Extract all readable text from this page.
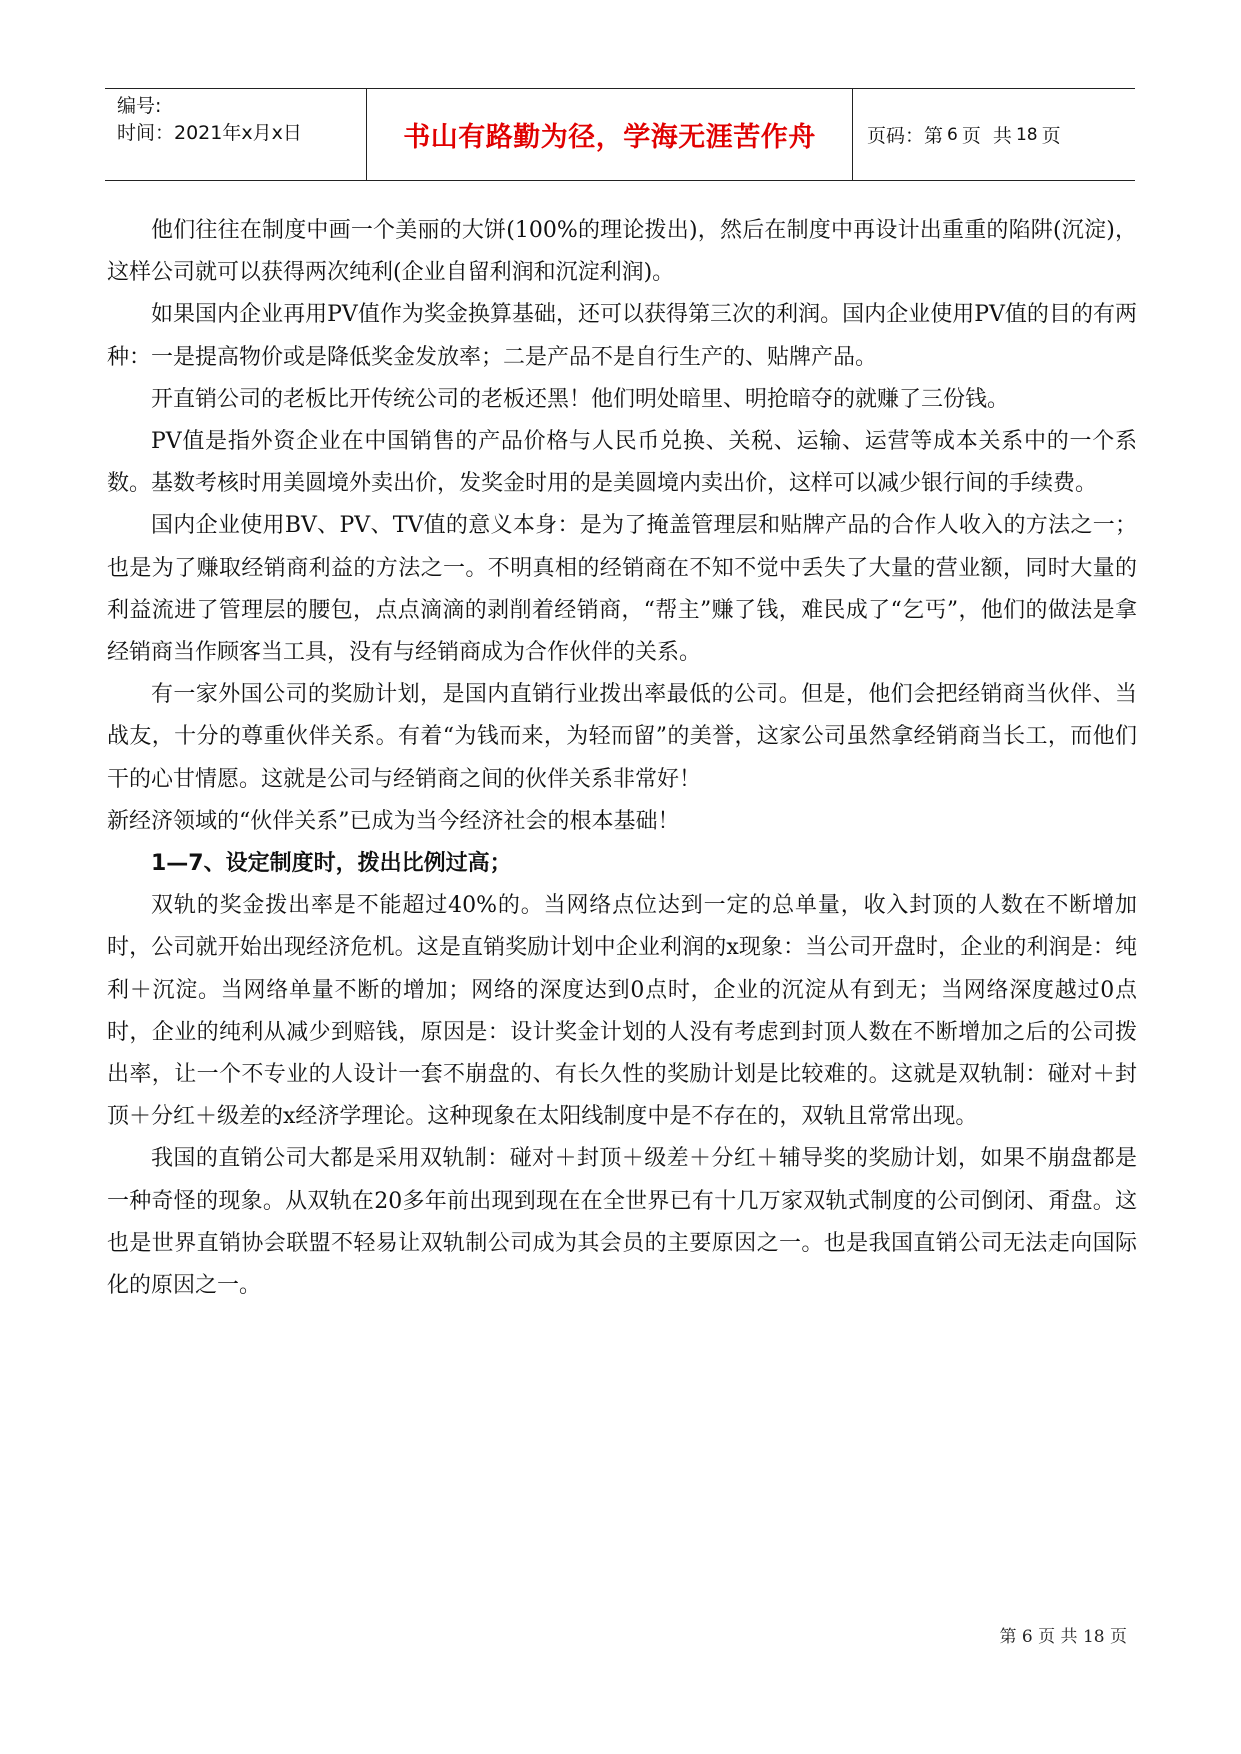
编号:
时间：2021年x月x日	书山有路勤为径，学海无涯苦作舟	页码：第 6 页  共 18 页

他们往往在制度中画一个美丽的大饼(100%的理论拨出)，然后在制度中再设计出重重的陷阱(沉淀)，这样公司就可以获得两次纯利(企业自留利润和沉淀利润)。

如果国内企业再用PV值作为奖金换算基础，还可以获得第三次的利润。国内企业使用PV值的目的有两种：一是提高物价或是降低奖金发放率；二是产品不是自行生产的、贴牌产品。

开直销公司的老板比开传统公司的老板还黑！他们明处暗里、明抢暗夺的就赚了三份钱。

PV值是指外资企业在中国销售的产品价格与人民币兑换、关税、运输、运营等成本关系中的一个系数。基数考核时用美圆境外卖出价，发奖金时用的是美圆境内卖出价，这样可以减少银行间的手续费。

国内企业使用BV、PV、TV值的意义本身：是为了掩盖管理层和贴牌产品的合作人收入的方法之一；也是为了赚取经销商利益的方法之一。不明真相的经销商在不知不觉中丢失了大量的营业额，同时大量的利益流进了管理层的腰包，点点滴滴的剥削着经销商，“帮主”赚了钱，难民成了“乞丐”，他们的做法是拿经销商当作顾客当工具，没有与经销商成为合作伙伴的关系。

有一家外国公司的奖励计划，是国内直销行业拨出率最低的公司。但是，他们会把经销商当伙伴、当战友，十分的尊重伙伴关系。有着“为钱而来，为轻而留”的美誉，这家公司虽然拿经销商当长工，而他们干的心甘情愿。这就是公司与经销商之间的伙伴关系非常好！

新经济领域的“伙伴关系”已成为当今经济社会的根本基础！

1—7、设定制度时，拨出比例过高；

双轨的奖金拨出率是不能超过40%的。当网络点位达到一定的总单量，收入封顶的人数在不断增加时，公司就开始出现经济危机。这是直销奖励计划中企业利润的x现象：当公司开盘时，企业的利润是：纯利＋沉淀。当网络单量不断的增加；网络的深度达到0点时，企业的沉淀从有到无；当网络深度越过0点时，企业的纯利从减少到赔钱，原因是：设计奖金计划的人没有考虑到封顶人数在不断增加之后的公司拨出率，让一个不专业的人设计一套不崩盘的、有长久性的奖励计划是比较难的。这就是双轨制：碰对＋封顶＋分红＋级差的x经济学理论。这种现象在太阳线制度中是不存在的，双轨且常常出现。

我国的直销公司大都是采用双轨制：碰对＋封顶＋级差＋分红＋辅导奖的奖励计划，如果不崩盘都是一种奇怪的现象。从双轨在20多年前出现到现在在全世界已有十几万家双轨式制度的公司倒闭、甭盘。这也是世界直销协会联盟不轻易让双轨制公司成为其会员的主要原因之一。也是我国直销公司无法走向国际化的原因之一。

第 6 页 共 18 页
